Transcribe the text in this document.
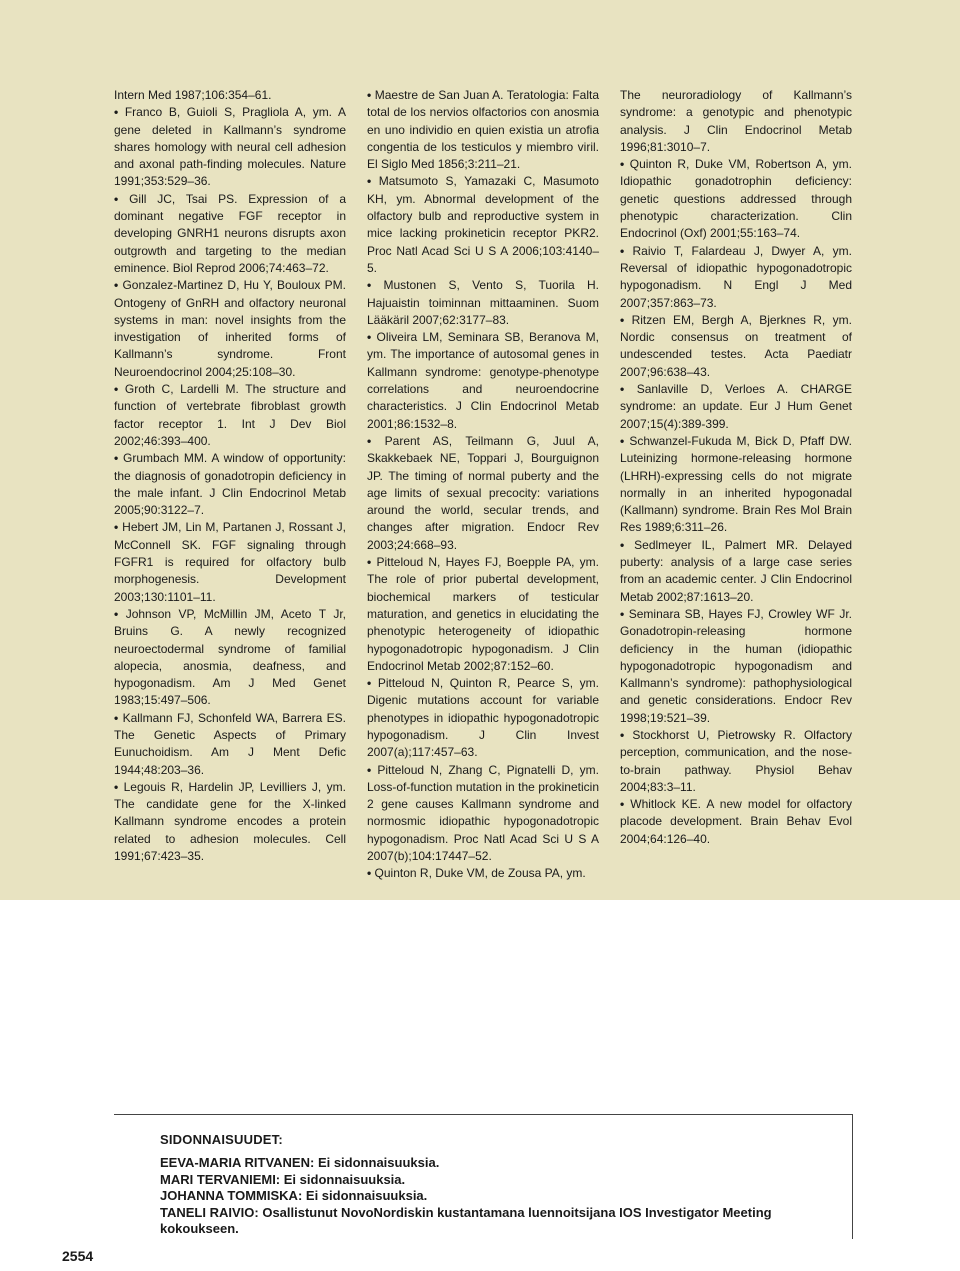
Intern Med 1987;106:354–61.
• Franco B, Guioli S, Pragliola A, ym. A gene deleted in Kallmann’s syndrome shares homology with neural cell adhesion and axonal path-finding molecules. Nature 1991;353:529–36.
• Gill JC, Tsai PS. Expression of a dominant negative FGF receptor in developing GNRH1 neurons disrupts axon outgrowth and targeting to the median eminence. Biol Reprod 2006;74:463–72.
• Gonzalez-Martinez D, Hu Y, Bouloux PM. Ontogeny of GnRH and olfactory neuronal systems in man: novel insights from the investigation of inherited forms of Kallmann’s syndrome. Front Neuroendocrinol 2004;25:108–30.
• Groth C, Lardelli M. The structure and function of vertebrate fibroblast growth factor receptor 1. Int J Dev Biol 2002;46:393–400.
• Grumbach MM. A window of opportunity: the diagnosis of gonadotropin deficiency in the male infant. J Clin Endocrinol Metab 2005;90:3122–7.
• Hebert JM, Lin M, Partanen J, Rossant J, McConnell SK. FGF signaling through FGFR1 is required for olfactory bulb morphogenesis. Development 2003;130:1101–11.
• Johnson VP, McMillin JM, Aceto T Jr, Bruins G. A newly recognized neuroectodermal syndrome of familial alopecia, anosmia, deafness, and hypogonadism. Am J Med Genet 1983;15:497–506.
• Kallmann FJ, Schonfeld WA, Barrera ES. The Genetic Aspects of Primary Eunuchoidism. Am J Ment Defic 1944;48:203–36.
• Legouis R, Hardelin JP, Levilliers J, ym. The candidate gene for the X-linked Kallmann syndrome encodes a protein related to adhesion molecules. Cell 1991;67:423–35.
• Maestre de San Juan A. Teratologia: Falta total de los nervios olfactorios con anosmia en uno individio en quien existia un atrofia congentia de los testiculos y miembro viril. El Siglo Med 1856;3:211–21.
• Matsumoto S, Yamazaki C, Masumoto KH, ym. Abnormal development of the olfactory bulb and reproductive system in mice lacking prokineticin receptor PKR2. Proc Natl Acad Sci U S A 2006;103:4140–5.
• Mustonen S, Vento S, Tuorila H. Hajuaistin toiminnan mittaaminen. Suom Lääkäril 2007;62:3177–83.
• Oliveira LM, Seminara SB, Beranova M, ym. The importance of autosomal genes in Kallmann syndrome: genotype-phenotype correlations and neuroendocrine characteristics. J Clin Endocrinol Metab 2001;86:1532–8.
• Parent AS, Teilmann G, Juul A, Skakkebaek NE, Toppari J, Bourguignon JP. The timing of normal puberty and the age limits of sexual precocity: variations around the world, secular trends, and changes after migration. Endocr Rev 2003;24:668–93.
• Pitteloud N, Hayes FJ, Boepple PA, ym. The role of prior pubertal development, biochemical markers of testicular maturation, and genetics in elucidating the phenotypic heterogeneity of idiopathic hypogonadotropic hypogonadism. J Clin Endocrinol Metab 2002;87:152–60.
• Pitteloud N, Quinton R, Pearce S, ym. Digenic mutations account for variable phenotypes in idiopathic hypogonadotropic hypogonadism. J Clin Invest 2007(a);117:457–63.
• Pitteloud N, Zhang C, Pignatelli D, ym. Loss-of-function mutation in the prokineticin 2 gene causes Kallmann syndrome and normosmic idiopathic hypogonadotropic hypogonadism. Proc Natl Acad Sci U S A 2007(b);104:17447–52.
• Quinton R, Duke VM, de Zousa PA, ym.
The neuroradiology of Kallmann’s syndrome: a genotypic and phenotypic analysis. J Clin Endocrinol Metab 1996;81:3010–7.
• Quinton R, Duke VM, Robertson A, ym. Idiopathic gonadotrophin deficiency: genetic questions addressed through phenotypic characterization. Clin Endocrinol (Oxf) 2001;55:163–74.
• Raivio T, Falardeau J, Dwyer A, ym. Reversal of idiopathic hypogonadotropic hypogonadism. N Engl J Med 2007;357:863–73.
• Ritzen EM, Bergh A, Bjerknes R, ym. Nordic consensus on treatment of undescended testes. Acta Paediatr 2007;96:638–43.
• Sanlaville D, Verloes A. CHARGE syndrome: an update. Eur J Hum Genet 2007;15(4):389-399.
• Schwanzel-Fukuda M, Bick D, Pfaff DW. Luteinizing hormone-releasing hormone (LHRH)-expressing cells do not migrate normally in an inherited hypogonadal (Kallmann) syndrome. Brain Res Mol Brain Res 1989;6:311–26.
• Sedlmeyer IL, Palmert MR. Delayed puberty: analysis of a large case series from an academic center. J Clin Endocrinol Metab 2002;87:1613–20.
• Seminara SB, Hayes FJ, Crowley WF Jr. Gonadotropin-releasing hormone deficiency in the human (idiopathic hypogonadotropic hypogonadism and Kallmann’s syndrome): pathophysiological and genetic considerations. Endocr Rev 1998;19:521–39.
• Stockhorst U, Pietrowsky R. Olfactory perception, communication, and the nose-to-brain pathway. Physiol Behav 2004;83:3–11.
• Whitlock KE. A new model for olfactory placode development. Brain Behav Evol 2004;64:126–40.
SIDONNAISUUDET:
EEVA-MARIA RITVANEN: Ei sidonnaisuuksia.
MARI TERVANIEMI: Ei sidonnaisuuksia.
JOHANNA TOMMISKA: Ei sidonnaisuuksia.
TANELI RAIVIO: Osallistunut NovoNordiskin kustantamana luennoitsijana IOS Investigator Meeting kokoukseen.
2554
